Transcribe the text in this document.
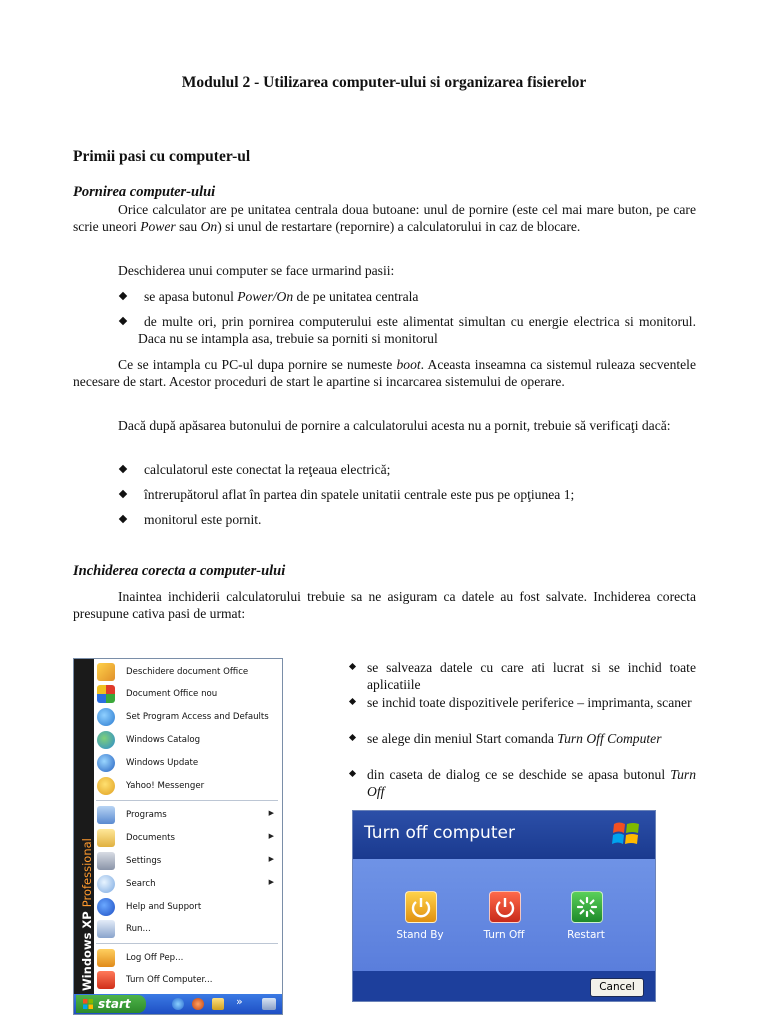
Modulul 2 - Utilizarea computer-ului si organizarea fisierelor
Primii pasi cu computer-ul
Pornirea computer-ului
Orice calculator are pe unitatea centrala doua butoane: unul de pornire (este cel mai mare buton, pe care scrie uneori Power sau On) si unul de restartare (repornire) a calculatorului in caz de blocare.
Deschiderea unui computer se face urmarind pasii:
se apasa butonul Power/On de pe unitatea centrala
de multe ori, prin pornirea computerului este alimentat simultan cu energie electrica si monitorul. Daca nu se intampla asa, trebuie sa porniti si monitorul
Ce se intampla cu PC-ul dupa pornire se numeste boot. Aceasta inseamna ca sistemul ruleaza secventele necesare de start. Acestor proceduri de start le apartine si incarcarea sistemului de operare.
Dacă după apăsarea butonului de pornire a calculatorului acesta nu a pornit, trebuie să verificaţi dacă:
calculatorul este conectat la reţeaua electrică;
întrerupătorul aflat în partea din spatele unitatii centrale este pus pe opţiunea 1;
monitorul este pornit.
Inchiderea corecta a computer-ului
Inaintea inchiderii calculatorului trebuie sa ne asiguram ca datele au fost salvate. Inchiderea corecta presupune cativa pasi de urmat:
se salveaza datele cu care ati lucrat si se inchid toate aplicatiile
se inchid toate dispozitivele periferice – imprimanta, scaner
se alege din meniul Start comanda Turn Off Computer
din caseta de dialog ce se deschide se apasa butonul Turn Off
Windows XP Professional
Deschidere document Office
Document Office nou
Set Program Access and Defaults
Windows Catalog
Windows Update
Yahoo! Messenger
Programs	▶
Documents	▶
Settings	▶
Search	▶
Help and Support
Run...
Log Off Pep...
Turn Off Computer...
start	»
Turn off computer
Stand By	Turn Off	Restart
Cancel
